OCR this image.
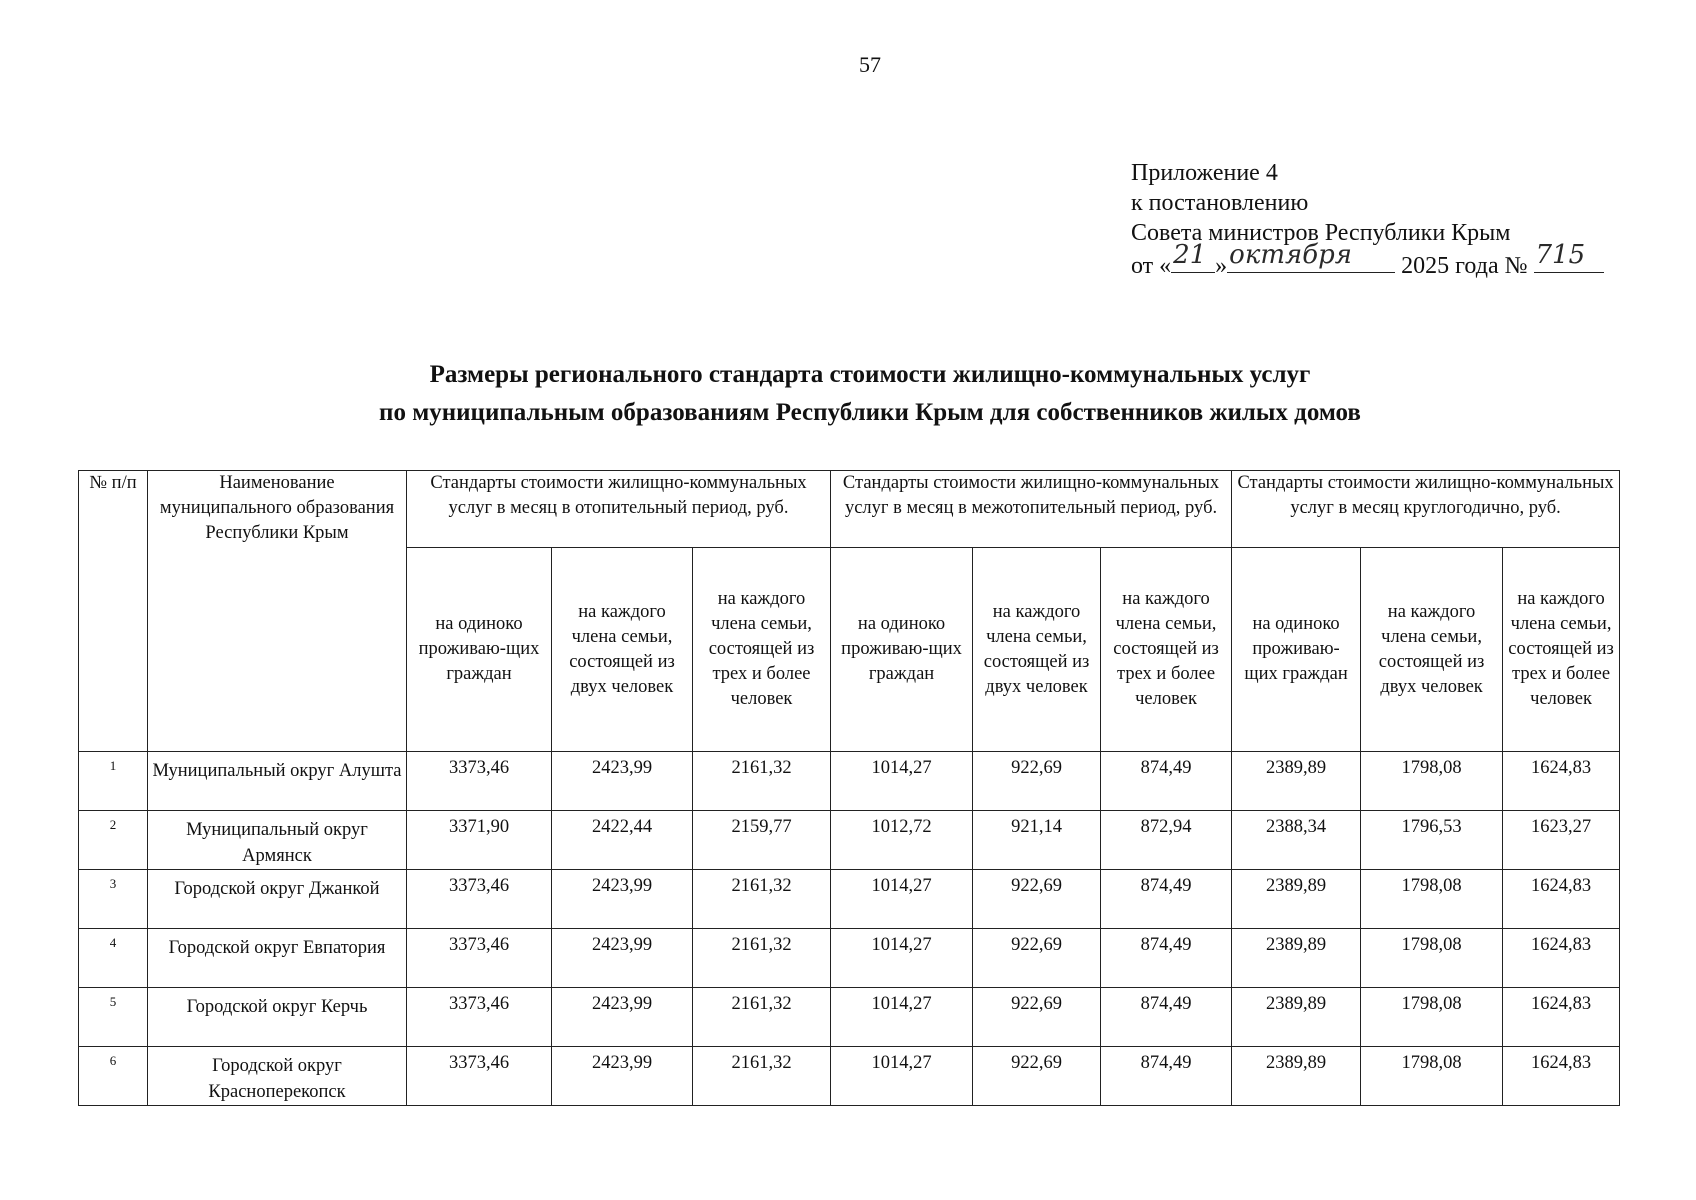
57
Приложение 4
к постановлению
Совета министров Республики Крым
от « 21 » октября 2025 года № 715
Размеры регионального стандарта стоимости жилищно-коммунальных услуг
по муниципальным образованиям Республики Крым для собственников жилых домов
№ п/п	Наименование муниципального образования Республики Крым	Стандарты стоимости жилищно-коммунальных услуг в месяц в отопительный период, руб.			Стандарты стоимости жилищно-коммунальных услуг в месяц в межотопительный период, руб.			Стандарты стоимости жилищно-коммунальных услуг в месяц круглогодично, руб.		
		на одиноко проживаю-щих граждан	на каждого члена семьи, состоящей из двух человек	на каждого члена семьи, состоящей из трех и более человек	на одиноко проживаю-щих граждан	на каждого члена семьи, состоящей из двух человек	на каждого члена семьи, состоящей из трех и более человек	на одиноко проживаю-щих граждан	на каждого члена семьи, состоящей из двух человек	на каждого члена семьи, состоящей из трех и более человек
1	Муниципальный округ Алушта	3373,46	2423,99	2161,32	1014,27	922,69	874,49	2389,89	1798,08	1624,83
2	Муниципальный округ Армянск	3371,90	2422,44	2159,77	1012,72	921,14	872,94	2388,34	1796,53	1623,27
3	Городской округ Джанкой	3373,46	2423,99	2161,32	1014,27	922,69	874,49	2389,89	1798,08	1624,83
4	Городской округ Евпатория	3373,46	2423,99	2161,32	1014,27	922,69	874,49	2389,89	1798,08	1624,83
5	Городской округ Керчь	3373,46	2423,99	2161,32	1014,27	922,69	874,49	2389,89	1798,08	1624,83
6	Городской округ Красноперекопск	3373,46	2423,99	2161,32	1014,27	922,69	874,49	2389,89	1798,08	1624,83
